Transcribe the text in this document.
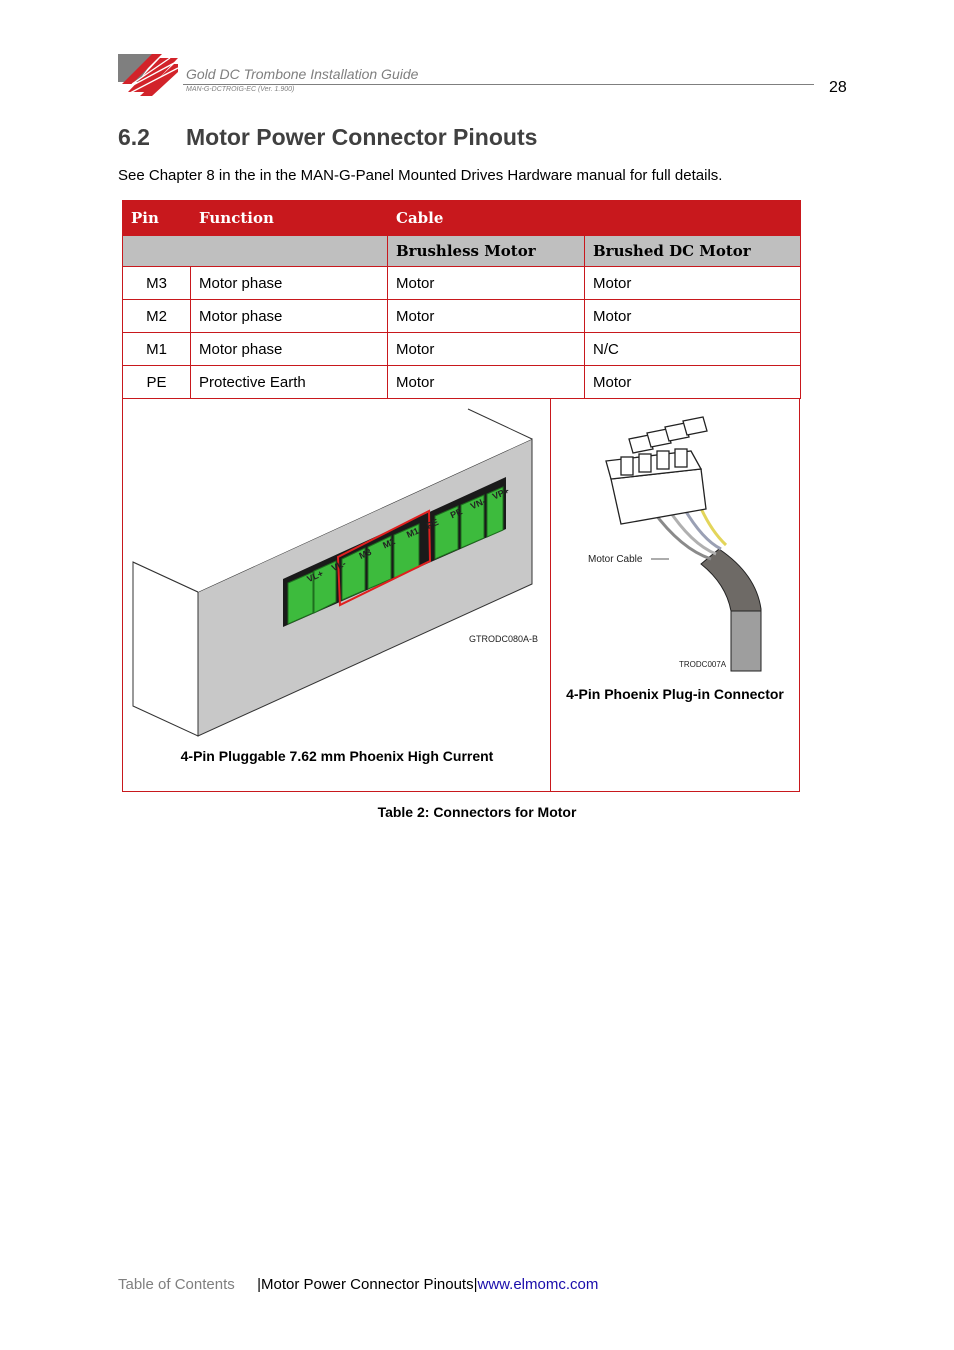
Gold DC Trombone Installation Guide
MAN-G-DCTROIG-EC (Ver. 1.900)	28
6.2 Motor Power Connector Pinouts
See Chapter 8 in the in the MAN-G-Panel Mounted Drives Hardware manual for full details.
Pin	Function	Cable	
		Brushless Motor	Brushed DC Motor
M3	Motor phase	Motor	Motor
M2	Motor phase	Motor	Motor
M1	Motor phase	Motor	N/C
PE	Protective Earth	Motor	Motor
VL+
VL-
M3
M2
M1
PE
PE
VN-
VP+
GTRODC080A-B
4-Pin Pluggable 7.62 mm Phoenix High Current
Motor Cable
TRODC007A
4-Pin Phoenix Plug-in Connector
Table 2: Connectors for Motor
Table of Contents |Motor Power Connector Pinouts|www.elmomc.com
